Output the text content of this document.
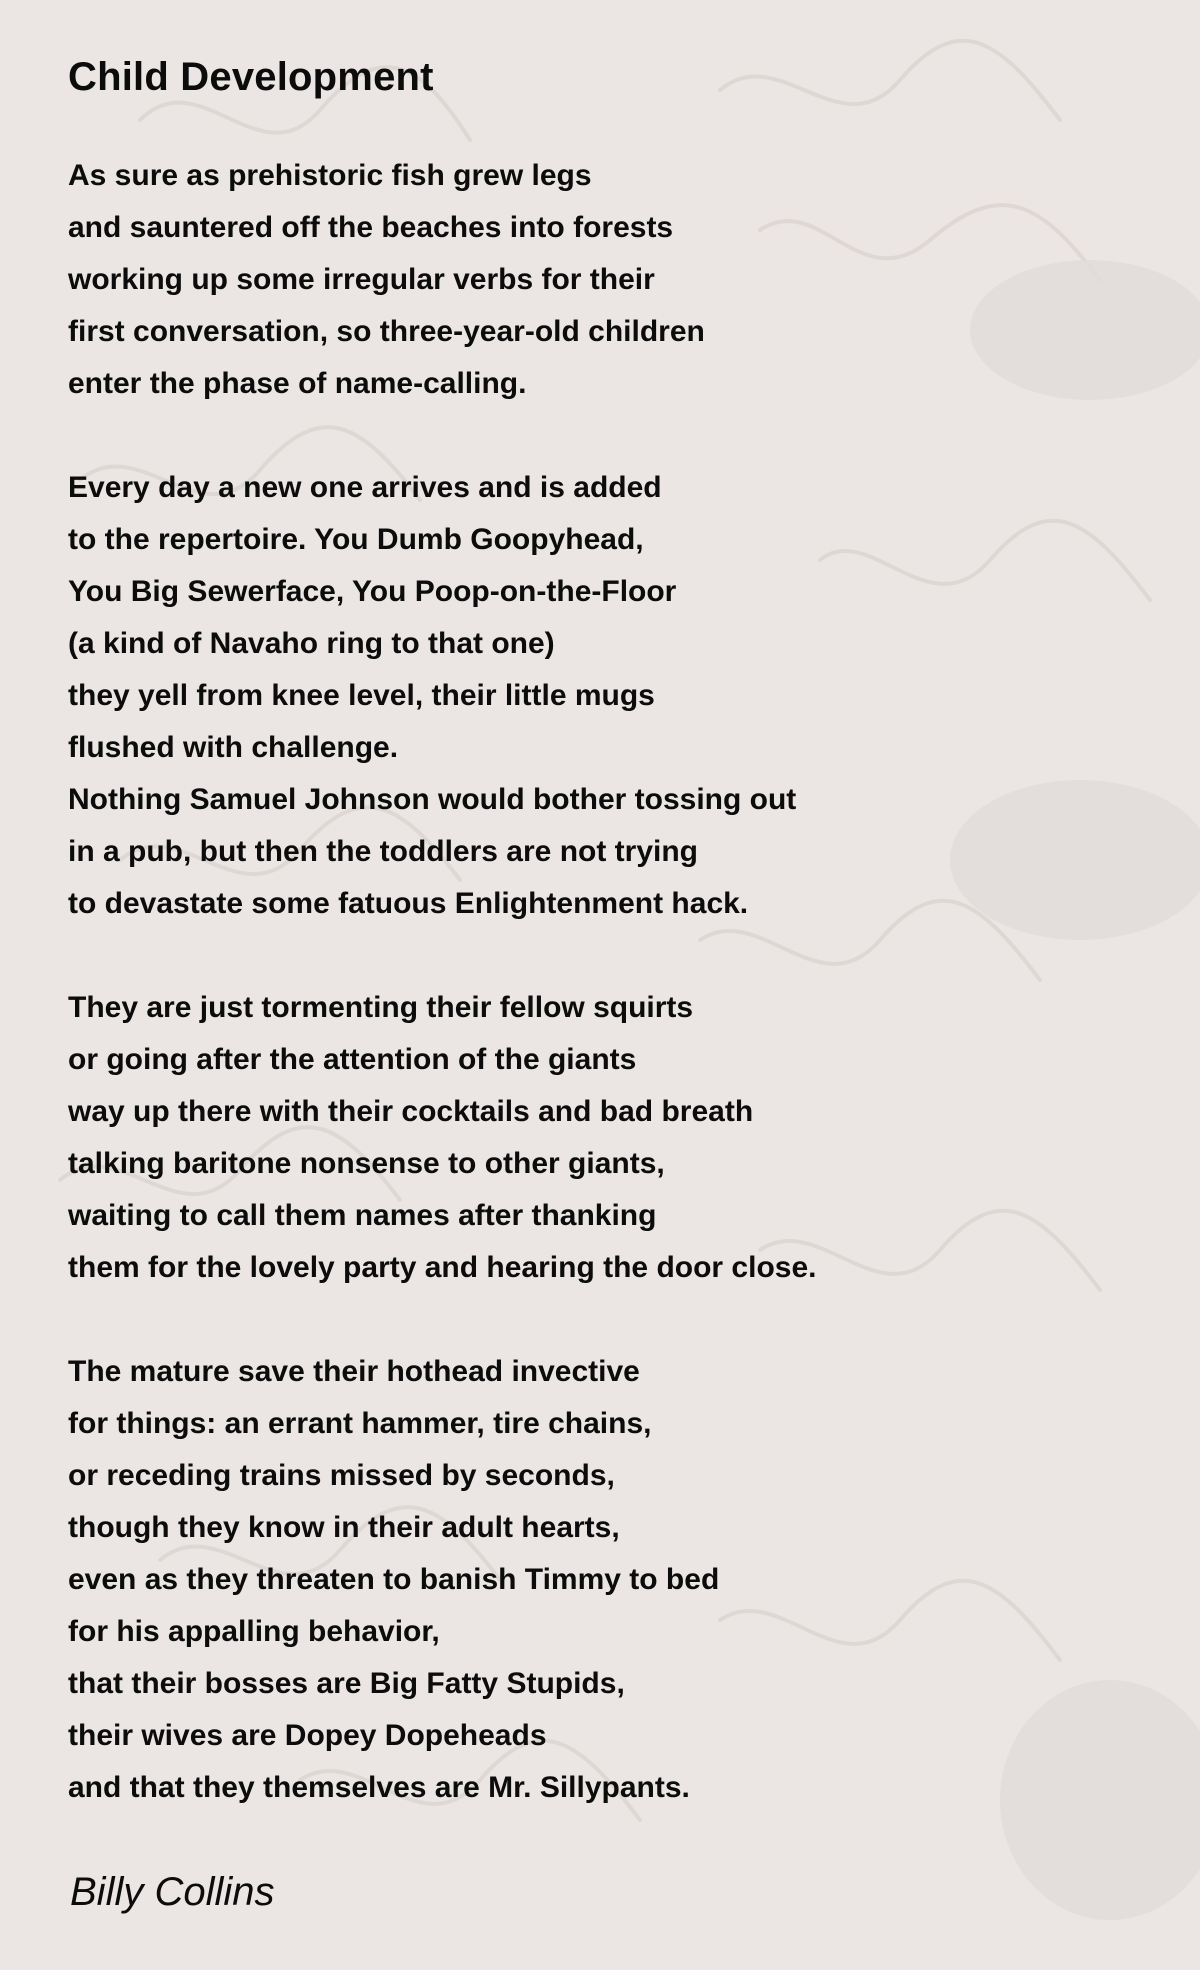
Child Development
As sure as prehistoric fish grew legs
and sauntered off the beaches into forests
working up some irregular verbs for their
first conversation, so three-year-old children
enter the phase of name-calling.
Every day a new one arrives and is added
to the repertoire. You Dumb Goopyhead,
You Big Sewerface, You Poop-on-the-Floor
(a kind of Navaho ring to that one)
they yell from knee level, their little mugs
flushed with challenge.
Nothing Samuel Johnson would bother tossing out
in a pub, but then the toddlers are not trying
to devastate some fatuous Enlightenment hack.
They are just tormenting their fellow squirts
or going after the attention of the giants
way up there with their cocktails and bad breath
talking baritone nonsense to other giants,
waiting to call them names after thanking
them for the lovely party and hearing the door close.
The mature save their hothead invective
for things: an errant hammer, tire chains,
or receding trains missed by seconds,
though they know in their adult hearts,
even as they threaten to banish Timmy to bed
for his appalling behavior,
that their bosses are Big Fatty Stupids,
their wives are Dopey Dopeheads
and that they themselves are Mr. Sillypants.
Billy Collins
